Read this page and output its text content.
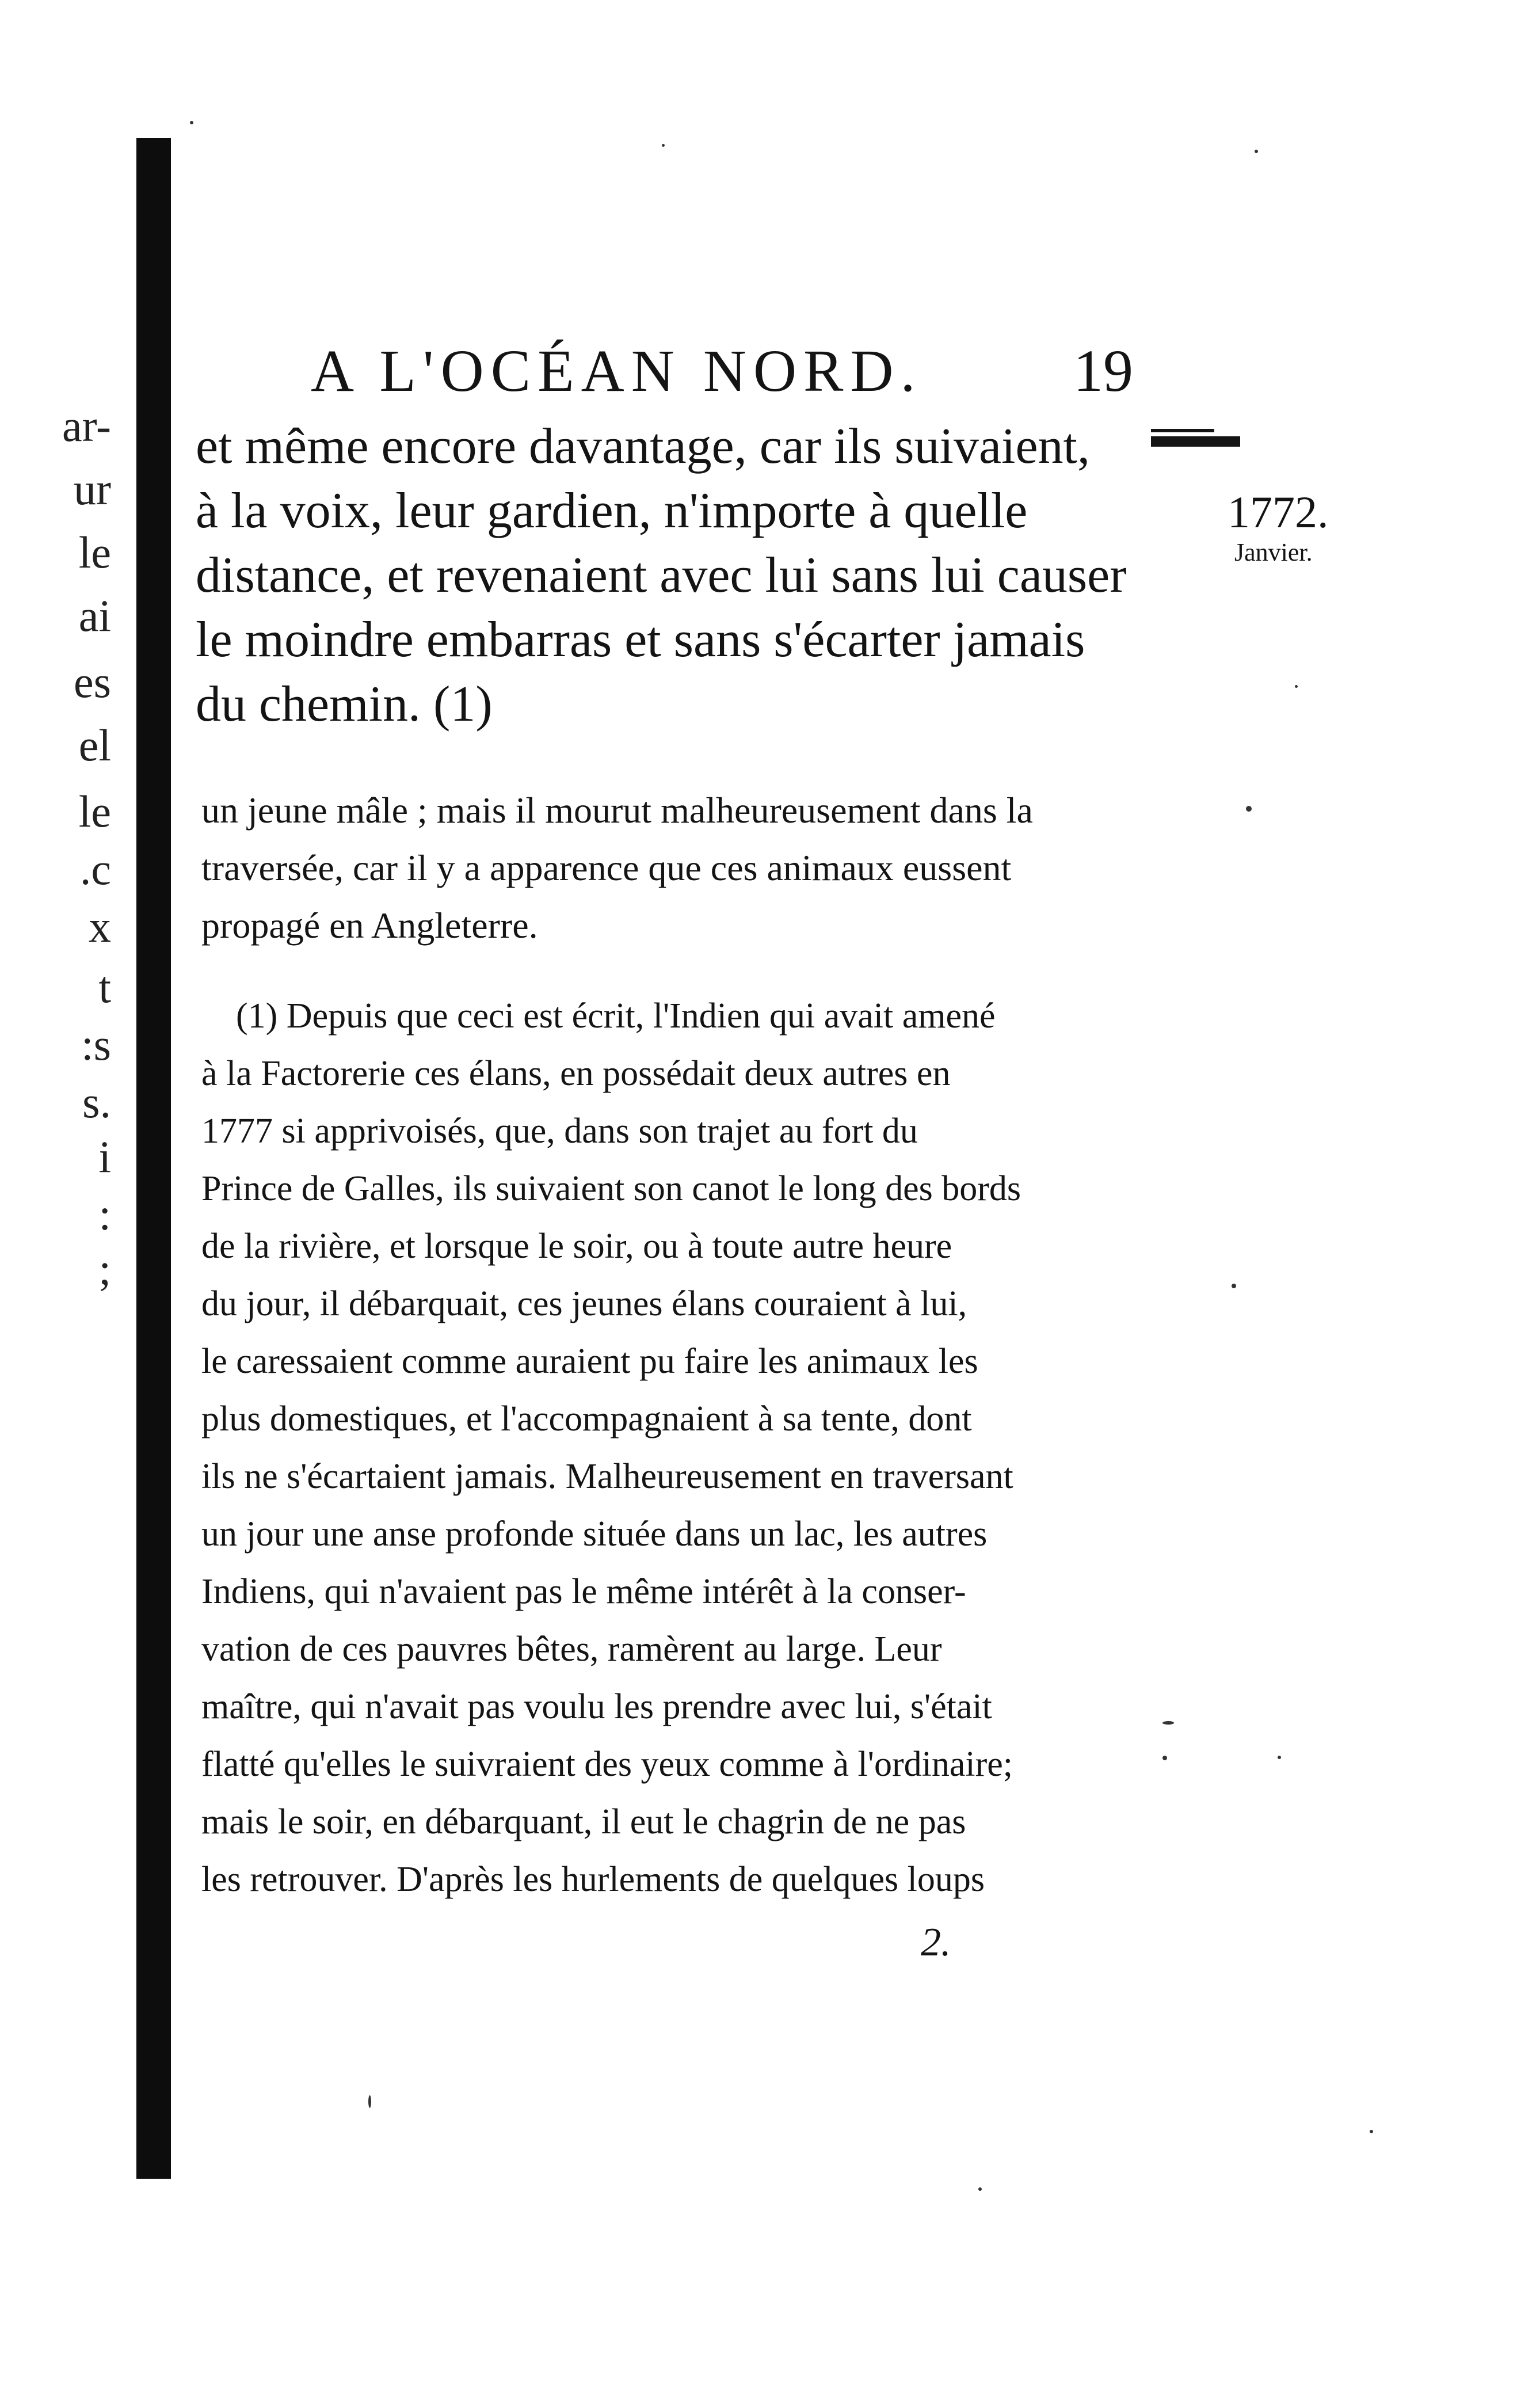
ar-
ur
le
ai
es
el
le
.c
x
t
:s
s.
i
:
;
A L'OCÉAN NORD.	19
1772.
Janvier.
et même encore davantage, car ils suivaient,
à la voix, leur gardien, n'importe à quelle
distance, et revenaient avec lui sans lui causer
le moindre embarras et sans s'écarter jamais
du chemin. (1)
un jeune mâle ; mais il mourut malheureusement dans la
traversée, car il y a apparence que ces animaux eussent
propagé en Angleterre.
(1) Depuis que ceci est écrit, l'Indien qui avait amené
à la Factorerie ces élans, en possédait deux autres en
1777 si apprivoisés, que, dans son trajet au fort du
Prince de Galles, ils suivaient son canot le long des bords
de la rivière, et lorsque le soir, ou à toute autre heure
du jour, il débarquait, ces jeunes élans couraient à lui,
le caressaient comme auraient pu faire les animaux les
plus domestiques, et l'accompagnaient à sa tente, dont
ils ne s'écartaient jamais. Malheureusement en traversant
un jour une anse profonde située dans un lac, les autres
Indiens, qui n'avaient pas le même intérêt à la conser-
vation de ces pauvres bêtes, ramèrent au large. Leur
maître, qui n'avait pas voulu les prendre avec lui, s'était
flatté qu'elles le suivraient des yeux comme à l'ordinaire;
mais le soir, en débarquant, il eut le chagrin de ne pas
les retrouver. D'après les hurlements de quelques loups
2.
